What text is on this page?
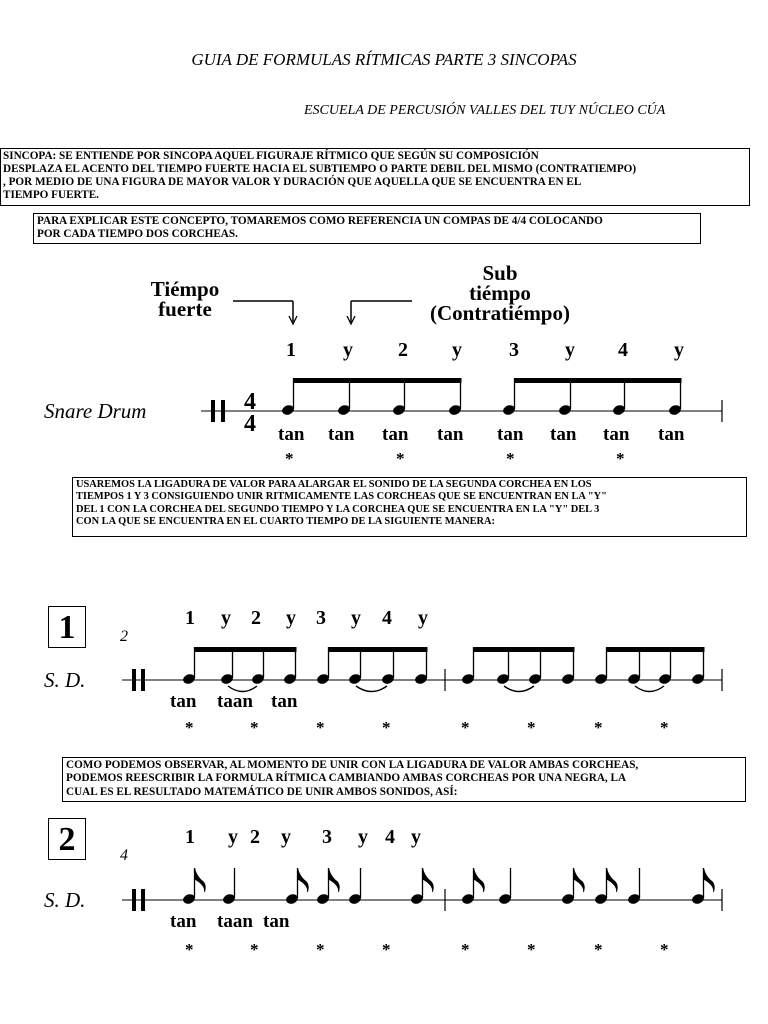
GUIA DE FORMULAS RÍTMICAS PARTE 3 SINCOPAS
ESCUELA DE PERCUSIÓN VALLES DEL TUY NÚCLEO CÚA

SINCOPA: SE ENTIENDE POR SINCOPA AQUEL FIGURAJE RÍTMICO QUE SEGÚN SU COMPOSICIÓN

DESPLAZA EL ACENTO DEL TIEMPO FUERTE HACIA EL SUBTIEMPO O PARTE DEBIL DEL MISMO (CONTRATIEMPO)

, POR MEDIO DE UNA FIGURA DE MAYOR VALOR Y DURACIÓN QUE AQUELLA QUE SE ENCUENTRA EN EL

TIEMPO FUERTE.

PARA EXPLICAR ESTE CONCEPTO, TOMAREMOS COMO REFERENCIA UN COMPAS DE 4/4 COLOCANDO

POR CADA TIEMPO DOS CORCHEAS.

Tiémpo
fuerte
Sub
tiémpo
(Contratiémpo)
1 y 2 y 3 y 4 y
Snare Drum
tan tan tan tan tan tan tan tan
*	*	*	*

USAREMOS LA LIGADURA DE VALOR PARA ALARGAR EL SONIDO DE LA SEGUNDA CORCHEA EN LOS

TIEMPOS 1 Y 3 CONSIGUIENDO UNIR RITMICAMENTE LAS CORCHEAS QUE SE ENCUENTRAN EN LA "Y"

DEL 1 CON LA CORCHEA DEL SEGUNDO TIEMPO Y LA CORCHEA QUE SE ENCUENTRA EN LA "Y" DEL 3

CON LA QUE SE ENCUENTRA EN EL CUARTO TIEMPO DE LA SIGUIENTE MANERA:

1	2
1 y 2 y 3 y 4 y
S. D.
tan taan tan
*	*	*	*	*	*	*	*

COMO PODEMOS OBSERVAR, AL MOMENTO DE UNIR CON LA LIGADURA DE VALOR AMBAS CORCHEAS,

PODEMOS REESCRIBIR LA FORMULA RÍTMICA CAMBIANDO AMBAS CORCHEAS POR UNA NEGRA, LA

CUAL ES EL RESULTADO MATEMÁTICO DE UNIR AMBOS SONIDOS, ASÍ:

2	4
1 y 2 y 3 y 4 y
S. D.
tan taan tan
*	*	*	*	*	*	*	*
4
4
